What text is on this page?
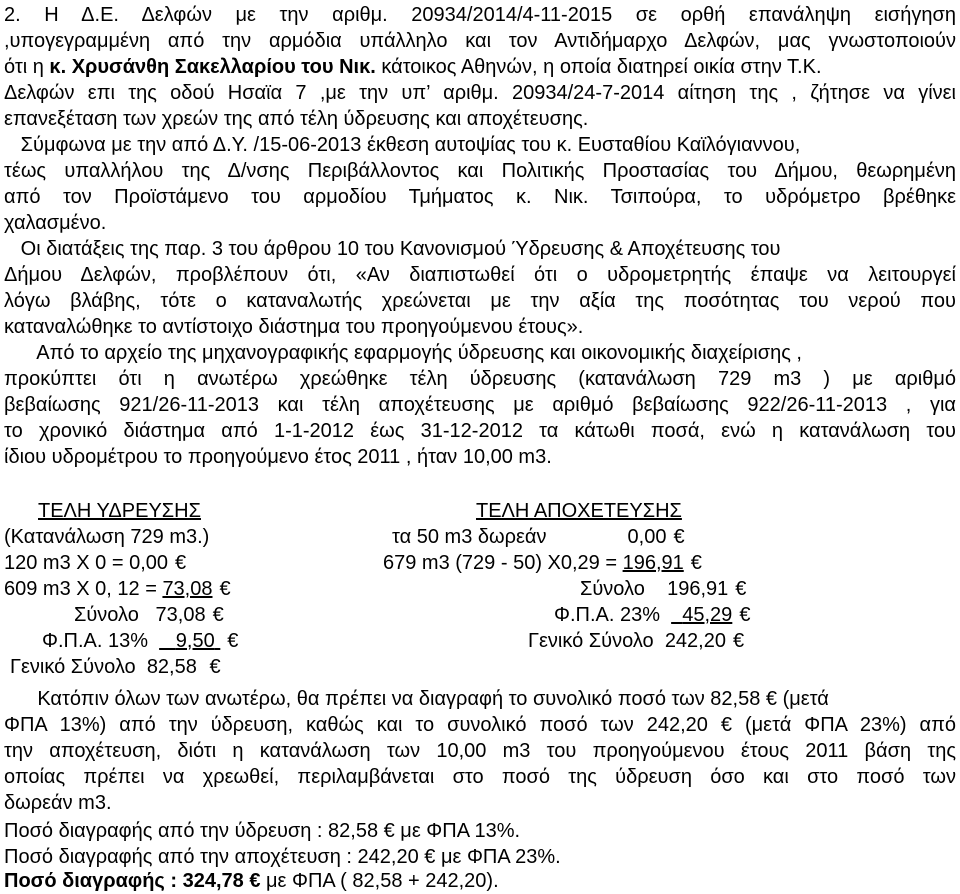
2. Η Δ.Ε. Δελφών με την αριθμ. 20934/2014/4-11-2015 σε ορθή επανάληψη εισήγηση
,υπογεγραμμένη από την αρμόδια υπάλληλο και τον Αντιδήμαρχο Δελφών, μας γνωστοποιούν
ότι η κ. Χρυσάνθη Σακελλαρίου του Νικ. κάτοικος Αθηνών, η οποία διατηρεί οικία στην Τ.Κ.
Δελφών επι της οδού Ησαϊα 7 ,με την υπ’ αριθμ. 20934/24-7-2014 αίτηση της , ζήτησε να γίνει
επανεξέταση των χρεών της από τέλη ύδρευσης και αποχέτευσης.
Σύμφωνα με την από Δ.Υ. /15-06-2013 έκθεση αυτοψίας του κ. Ευσταθίου Καϊλόγιαννου,
τέως υπαλλήλου της Δ/νσης Περιβάλλοντος και Πολιτικής Προστασίας του Δήμου, θεωρημένη
από τον Προϊστάμενο του αρμοδίου Τμήματος κ. Νικ. Τσιπούρα, το υδρόμετρο βρέθηκε
χαλασμένο.
Οι διατάξεις της παρ. 3 του άρθρου 10 του Κανονισμού Ύδρευσης & Αποχέτευσης του
Δήμου Δελφών, προβλέπουν ότι, «Αν διαπιστωθεί ότι ο υδρομετρητής έπαψε να λειτουργεί
λόγω βλάβης, τότε ο καταναλωτής χρεώνεται με την αξία της ποσότητας του νερού που
καταναλώθηκε το αντίστοιχο διάστημα του προηγούμενου έτους».
Από το αρχείο της μηχανογραφικής εφαρμογής ύδρευσης και οικονομικής διαχείρισης ,
προκύπτει ότι η ανωτέρω χρεώθηκε τέλη ύδρευσης (κατανάλωση 729 m3 ) με αριθμό
βεβαίωσης 921/26-11-2013 και τέλη αποχέτευσης με αριθμό βεβαίωσης 922/26-11-2013 , για
το χρονικό διάστημα από 1-1-2012 έως 31-12-2012 τα κάτωθι ποσά, ενώ η κατανάλωση του
ίδιου υδρομέτρου το προηγούμενο έτος 2011 , ήταν 10,00 m3.
ΤΕΛΗ ΥΔΡΕΥΣΗΣ
(Κατανάλωση 729 m3.)
120 m3 X 0 = 0,00 €
609 m3 X 0, 12 = 73,08 €
Σύνολο 73,08 €
Φ.Π.Α. 13% 9,50 €
Γενικό Σύνολο 82,58 €
ΤΕΛΗ ΑΠΟΧΕΤΕΥΣΗΣ
τα 50 m3 δωρεάν	0,00 €
679 m3 (729 - 50) X0,29 = 196,91 €
Σύνολο 196,91 €
Φ.Π.Α. 23% 45,29 €
Γενικό Σύνολο 242,20 €
Κατόπιν όλων των ανωτέρω, θα πρέπει να διαγραφή το συνολικό ποσό των 82,58 € (μετά
ΦΠΑ 13%) από την ύδρευση, καθώς και το συνολικό ποσό των 242,20 € (μετά ΦΠΑ 23%) από
την αποχέτευση, διότι η κατανάλωση των 10,00 m3 του προηγούμενου έτους 2011 βάση της
οποίας πρέπει να χρεωθεί, περιλαμβάνεται στο ποσό της ύδρευση όσο και στο ποσό των
δωρεάν m3.
Ποσό διαγραφής από την ύδρευση : 82,58 € με ΦΠΑ 13%.
Ποσό διαγραφής από την αποχέτευση : 242,20 € με ΦΠΑ 23%.
Ποσό διαγραφής : 324,78 € με ΦΠΑ ( 82,58 + 242,20).
